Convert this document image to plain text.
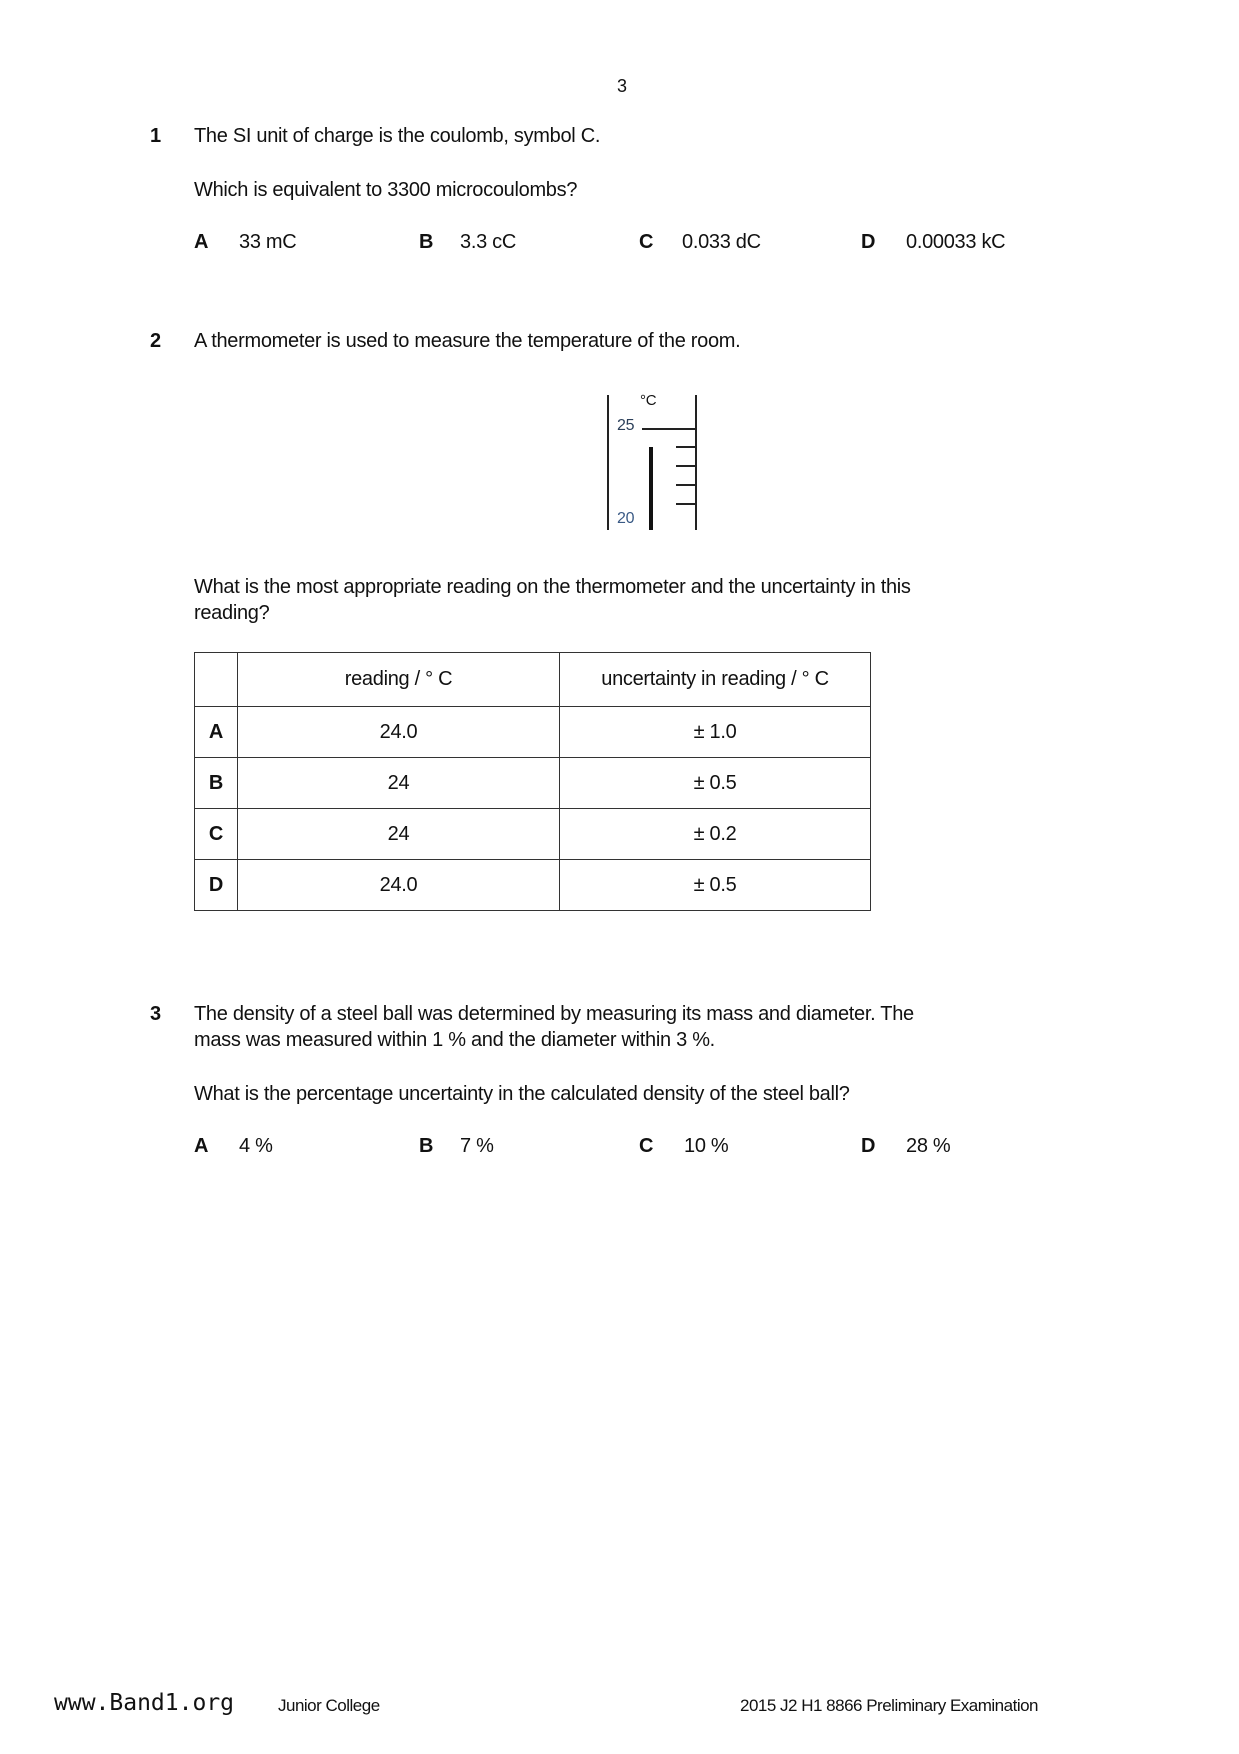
3
1 The SI unit of charge is the coulomb, symbol C.
Which is equivalent to 3300 microcoulombs?
A 33 mC	B 3.3 cC	C 0.033 dC	D 0.00033 kC
2 A thermometer is used to measure the temperature of the room.
°C
25
20
What is the most appropriate reading on the thermometer and the uncertainty in this
reading?
	reading / ° C	uncertainty in reading / ° C
A	24.0	± 1.0
B	24	± 0.5
C	24	± 0.2
D	24.0	± 0.5
3 The density of a steel ball was determined by measuring its mass and diameter. The
mass was measured within 1 % and the diameter within 3 %.
What is the percentage uncertainty in the calculated density of the steel ball?
A 4 %	B 7 %	C 10 %	D 28 %
www.Band1.org	Junior College	2015 J2 H1 8866 Preliminary Examination
